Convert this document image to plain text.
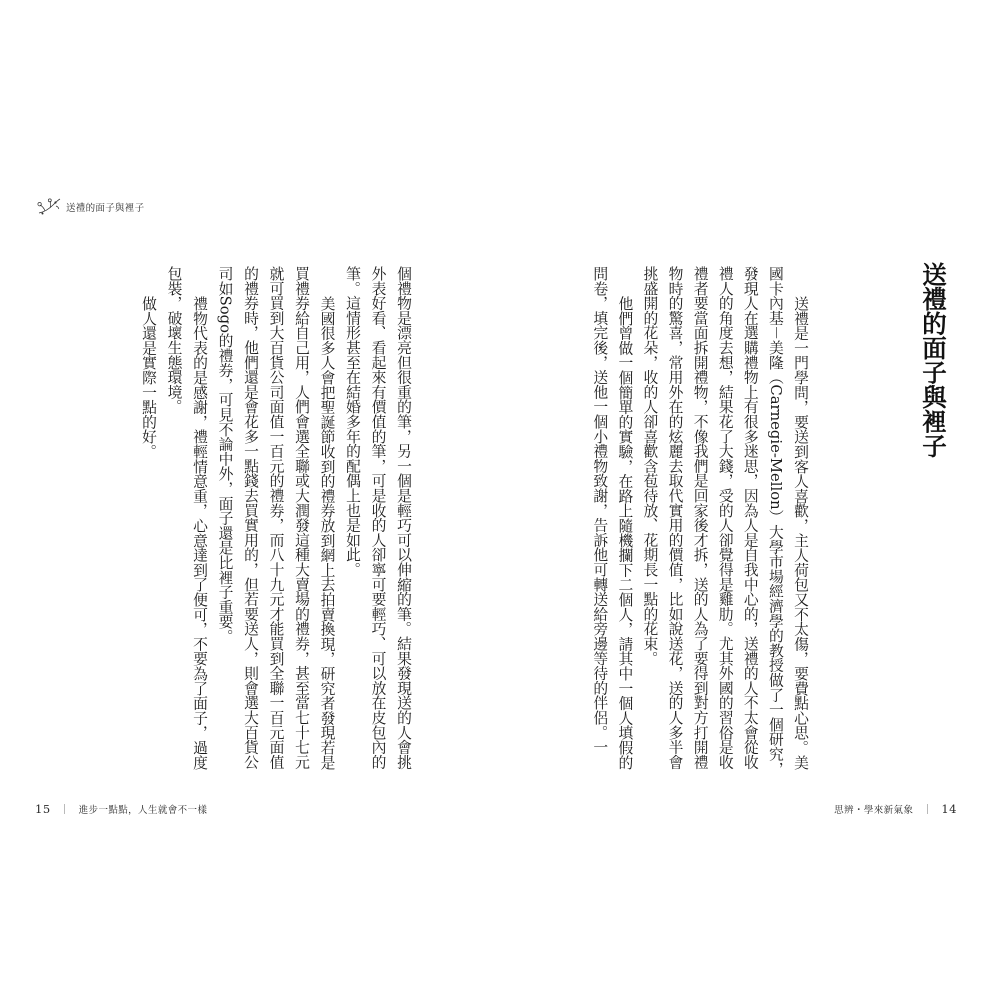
送禮的面子與裡子
個禮物是漂亮但很重的筆，另一個是輕巧可以伸縮的筆。結果發現送的人會挑
外表好看、看起來有價值的筆，可是收的人卻寧可要輕巧、可以放在皮包內的
筆。這情形甚至在結婚多年的配偶上也是如此。
美國很多人會把聖誕節收到的禮券放到網上去拍賣換現，研究者發現若是
買禮券給自己用，人們會選全聯或大潤發這種大賣場的禮券，甚至當七十七元
就可買到大百貨公司面值一百元的禮券，而八十九元才能買到全聯一百元面值
的禮券時，他們還是會花多一點錢去買實用的，但若要送人，則會選大百貨公
司如Sogo的禮券，可見不論中外，面子還是比裡子重要。
禮物代表的是感謝，禮輕情意重，心意達到了便可，不要為了面子，過度
包裝，破壞生態環境。
做人還是實際一點的好。
15 ｜ 進步一點點，人生就會不一樣
送禮的面子與裡子
送禮是一門學問，要送到客人喜歡，主人荷包又不太傷，要費點心思。美
國卡內基－美隆（Carnegie-Mellon）大學市場經濟學的教授做了一個研究，
發現人在選購禮物上有很多迷思，因為人是自我中心的，送禮的人不太會從收
禮人的角度去想，結果花了大錢，受的人卻覺得是雞肋。尤其外國的習俗是收
禮者要當面拆開禮物，不像我們是回家後才拆，送的人為了要得到對方打開禮
物時的驚喜，常用外在的炫麗去取代實用的價值，比如說送花，送的人多半會
挑盛開的花朵，收的人卻喜歡含苞待放、花期長一點的花束。
他們曾做一個簡單的實驗，在路上隨機攔下二個人，請其中一個人填假的
問卷，填完後，送他一個小禮物致謝，告訴他可轉送給旁邊等待的伴侶。一
思辨・學來新氣象 ｜ 14
